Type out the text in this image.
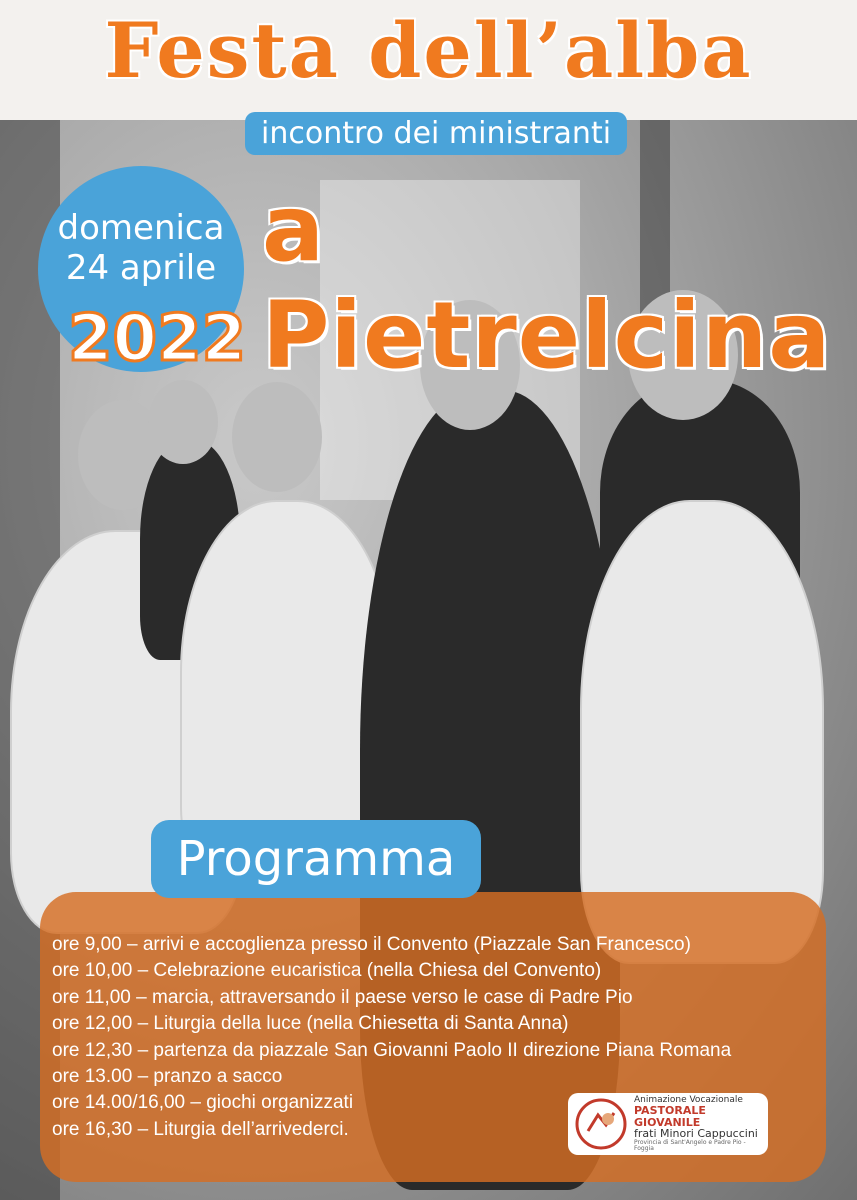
Festa dell’alba
incontro dei ministranti
a Pietrelcina
domenica
24 aprile
2022
Programma
ore 9,00 – arrivi e accoglienza presso il Convento (Piazzale San Francesco)
ore 10,00 – Celebrazione eucaristica (nella Chiesa del Convento)
ore 11,00 – marcia, attraversando il paese verso le case di Padre Pio
ore 12,00 – Liturgia della luce (nella Chiesetta di Santa Anna)
ore 12,30 – partenza da piazzale San Giovanni Paolo II direzione Piana Romana
ore 13.00 – pranzo a sacco
ore 14.00/16,00 – giochi organizzati
ore 16,30 – Liturgia dell’arrivederci.
Animazione Vocazionale
PASTORALE GIOVANILE
frati Minori Cappuccini
Provincia di Sant'Angelo e Padre Pio - Foggia
